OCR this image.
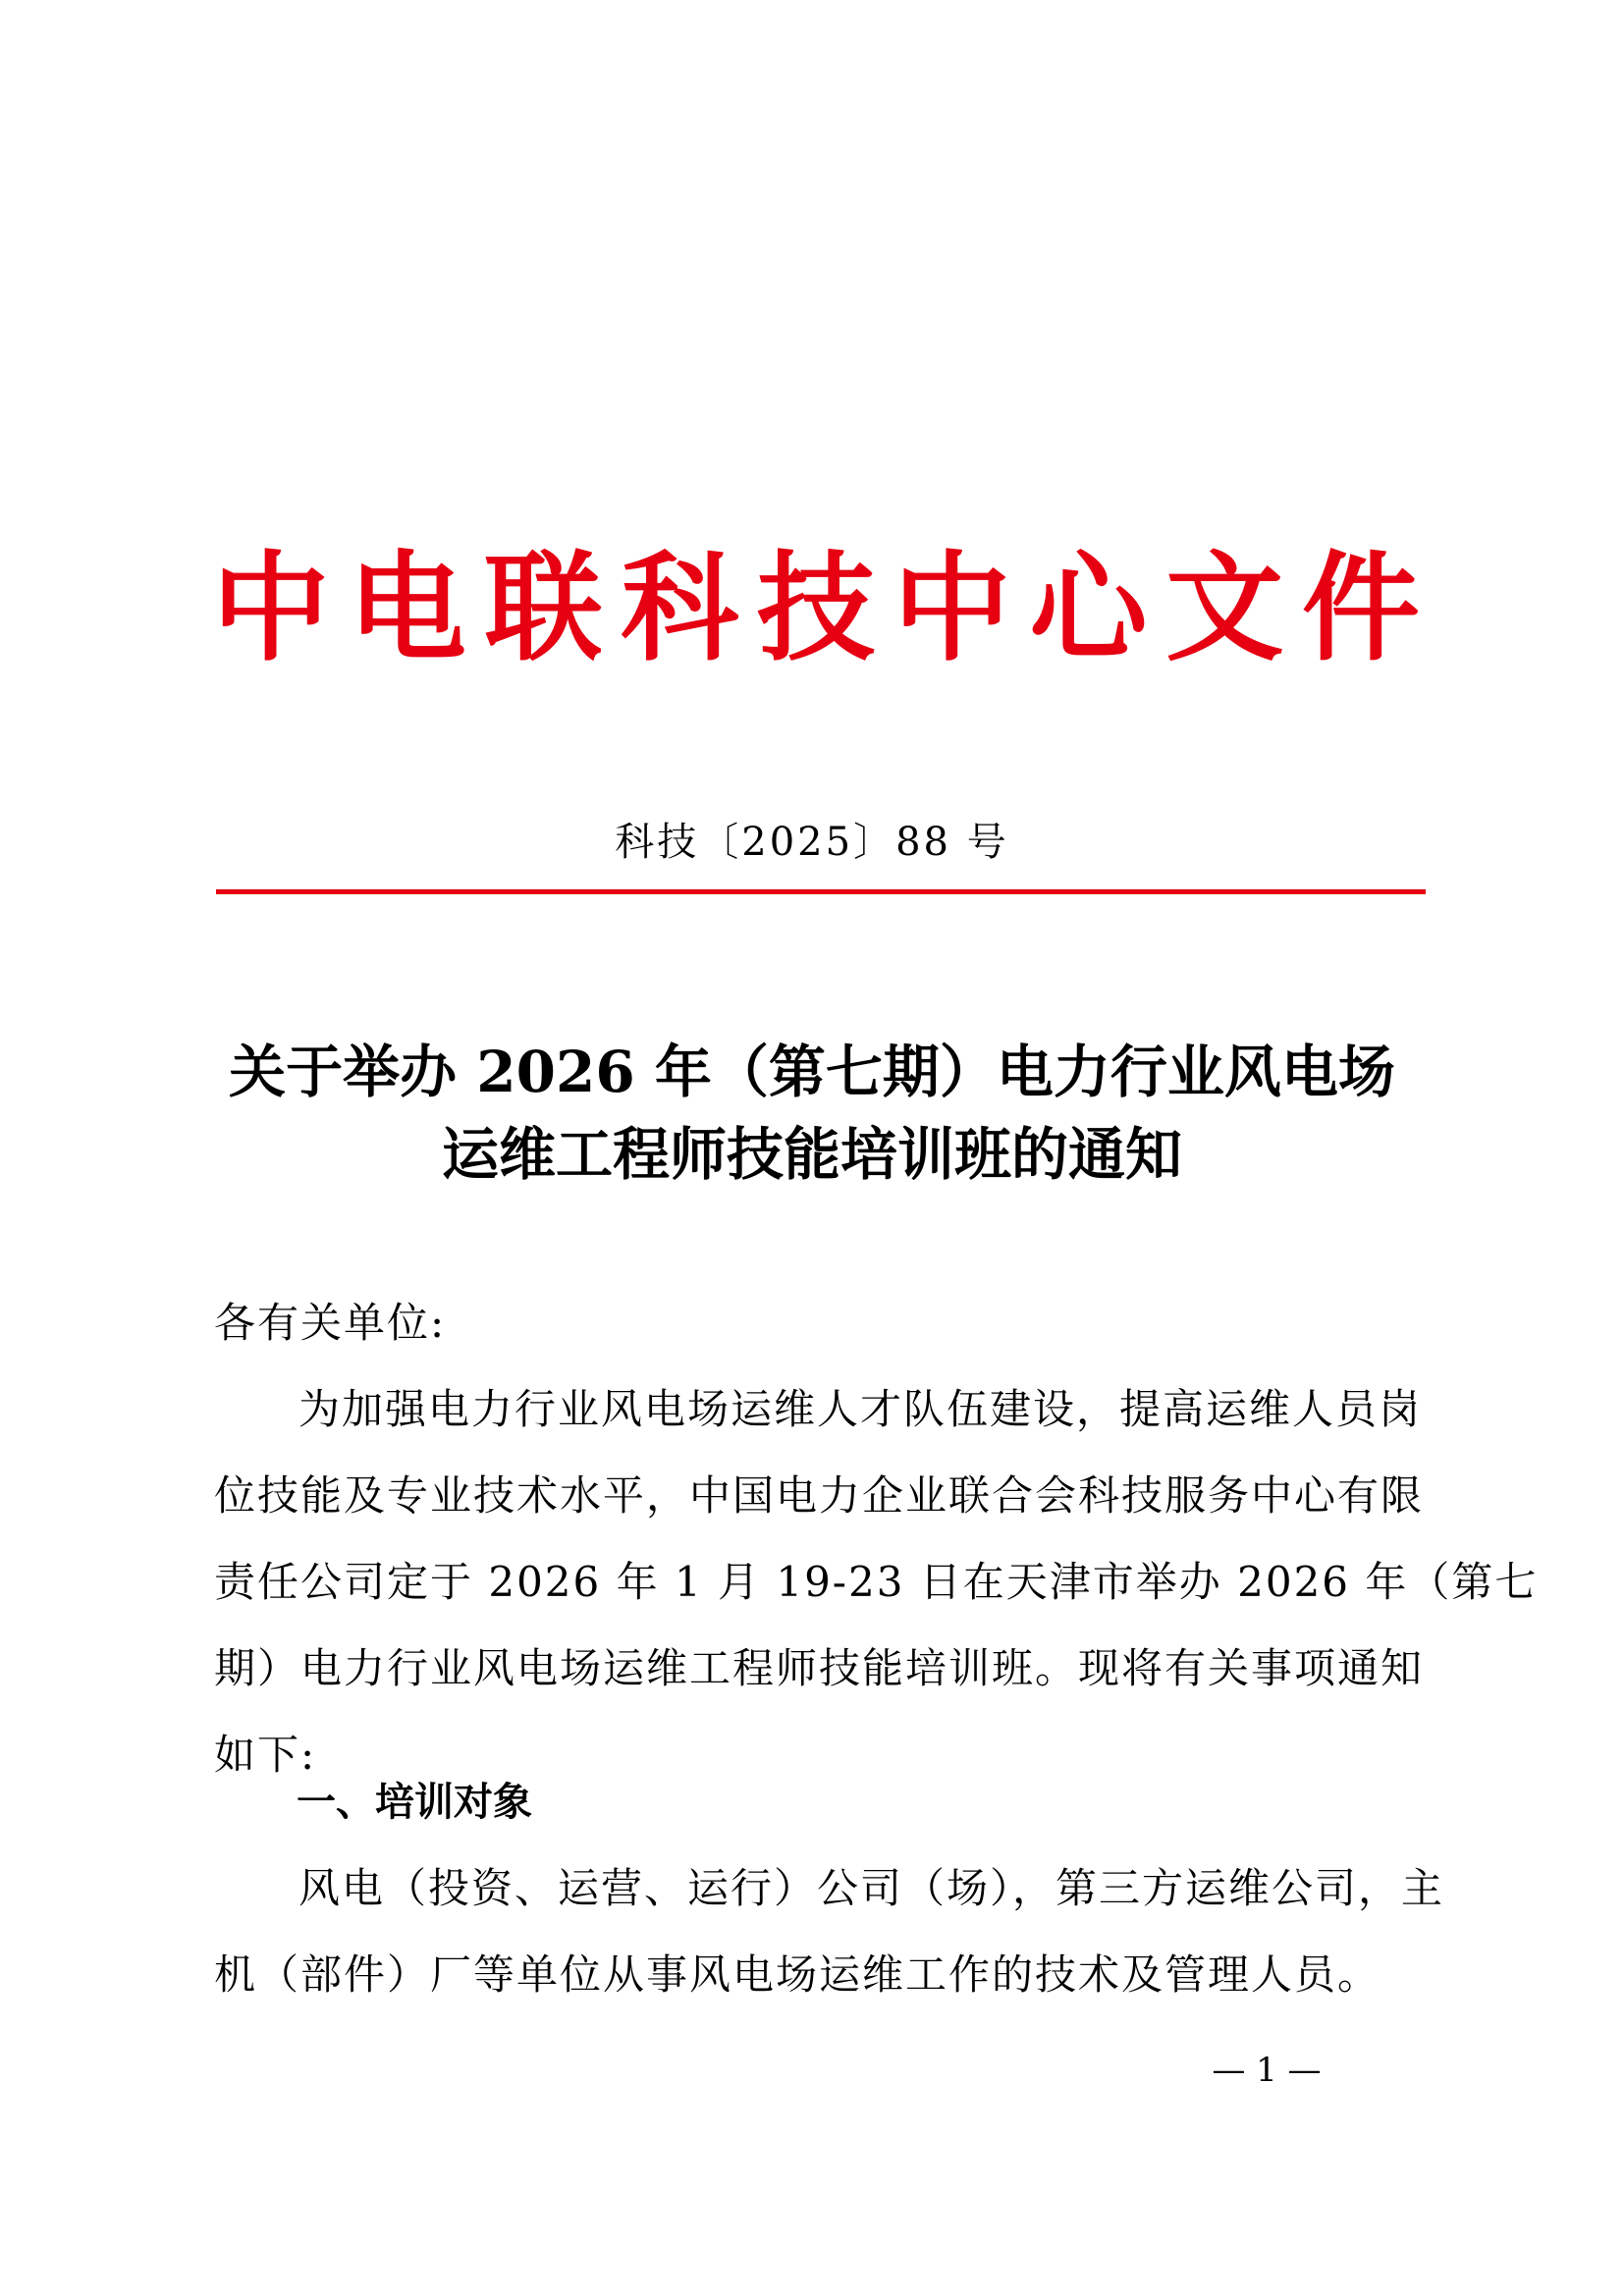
中 电 联 科 技 中 心 文 件
科技〔2025〕88 号
关于举办 2026 年（第七期）电力行业风电场
运维工程师技能培训班的通知
各有关单位:
为加强电力行业风电场运维人才队伍建设，提高运维人员岗
位技能及专业技术水平，中国电力企业联合会科技服务中心有限
责任公司定于 2026 年 1 月 19-23 日在天津市举办 2026 年（第七
期）电力行业风电场运维工程师技能培训班。现将有关事项通知
如下:
一、培训对象
风电（投资、运营、运行）公司（场），第三方运维公司，主
机（部件）厂等单位从事风电场运维工作的技术及管理人员。
— 1 —
